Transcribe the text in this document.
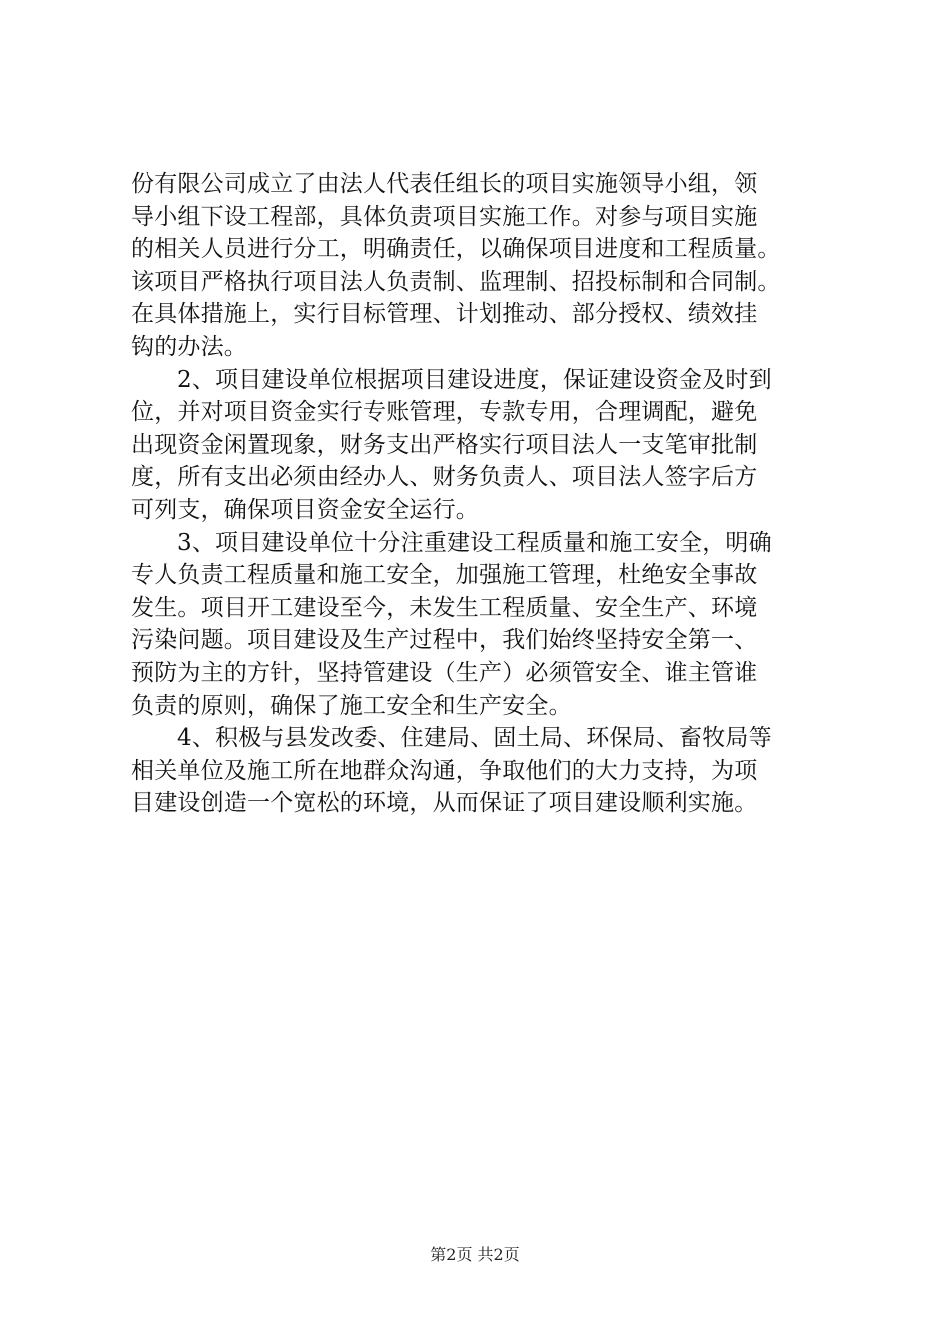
份有限公司成立了由法人代表任组长的项目实施领导小组，领
导小组下设工程部，具体负责项目实施工作。对参与项目实施
的相关人员进行分工，明确责任，以确保项目进度和工程质量。
该项目严格执行项目法人负责制、监理制、招投标制和合同制。
在具体措施上，实行目标管理、计划推动、部分授权、绩效挂
钩的办法。
2、项目建设单位根据项目建设进度，保证建设资金及时到
位，并对项目资金实行专账管理，专款专用，合理调配，避免
出现资金闲置现象，财务支出严格实行项目法人一支笔审批制
度，所有支出必须由经办人、财务负责人、项目法人签字后方
可列支，确保项目资金安全运行。
3、项目建设单位十分注重建设工程质量和施工安全，明确
专人负责工程质量和施工安全，加强施工管理，杜绝安全事故
发生。项目开工建设至今，未发生工程质量、安全生产、环境
污染问题。项目建设及生产过程中，我们始终坚持安全第一、
预防为主的方针，坚持管建设（生产）必须管安全、谁主管谁
负责的原则，确保了施工安全和生产安全。
4、积极与县发改委、住建局、固土局、环保局、畜牧局等
相关单位及施工所在地群众沟通，争取他们的大力支持，为项
目建设创造一个宽松的环境，从而保证了项目建设顺利实施。
第2页 共2页
